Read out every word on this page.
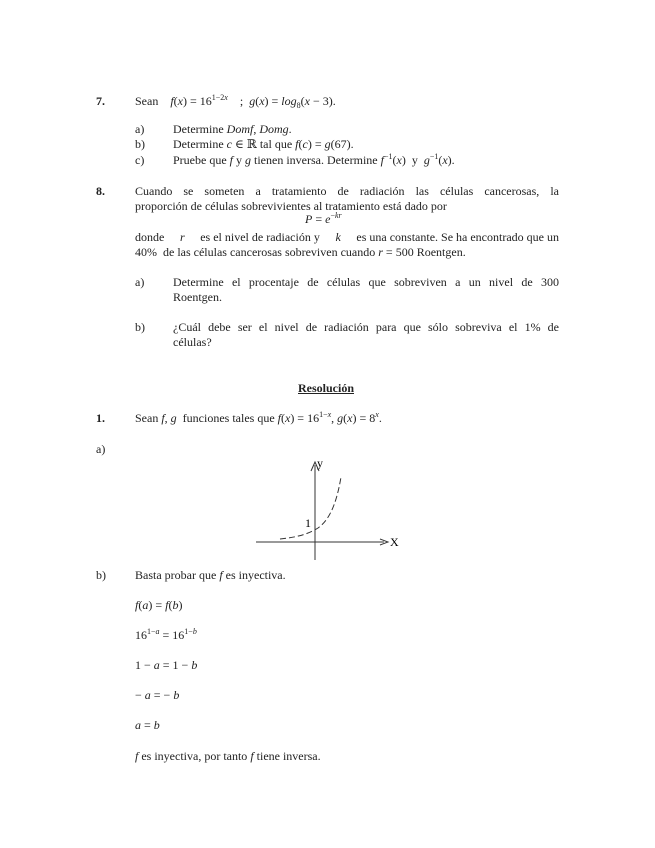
7.	Sean $f(x) = 16^{1-2x}$    ;  $g(x) = \log_8(x - 3)$.
a) Determine Domf, Domg.
b) Determine c ∈ ℝ tal que f(c) = g(67).
c) Pruebe que f y g tienen inversa. Determine $f^{-1}(x)$  y $g^{-1}(x)$.
8.	Cuando se someten a tratamiento de radiación las células cancerosas, la
proporción de células sobrevivientes al tratamiento está dado por
$P = e^{-kr}$
donde r es el nivel de radiación y k es una constante. Se ha encontrado que un
40% de las células cancerosas sobreviven cuando r = 500 Roentgen.
a) Determine el procentaje de células que sobreviven a un nivel de 300
Roentgen.
b) ¿Cuál debe ser el nivel de radiación para que sólo sobreviva el 1% de
células?
Resolución
1.	Sean f, g funciones tales que $f(x) = 16^{1-x}$, $g(x) = 8^x$.
a)
y
X
1
b) Basta probar que f es inyectiva.
f(a) = f(b)
$16^{1-a} = 16^{1-b}$
1 − a = 1 − b
− a = − b
a = b
f es inyectiva, por tanto f tiene inversa.
